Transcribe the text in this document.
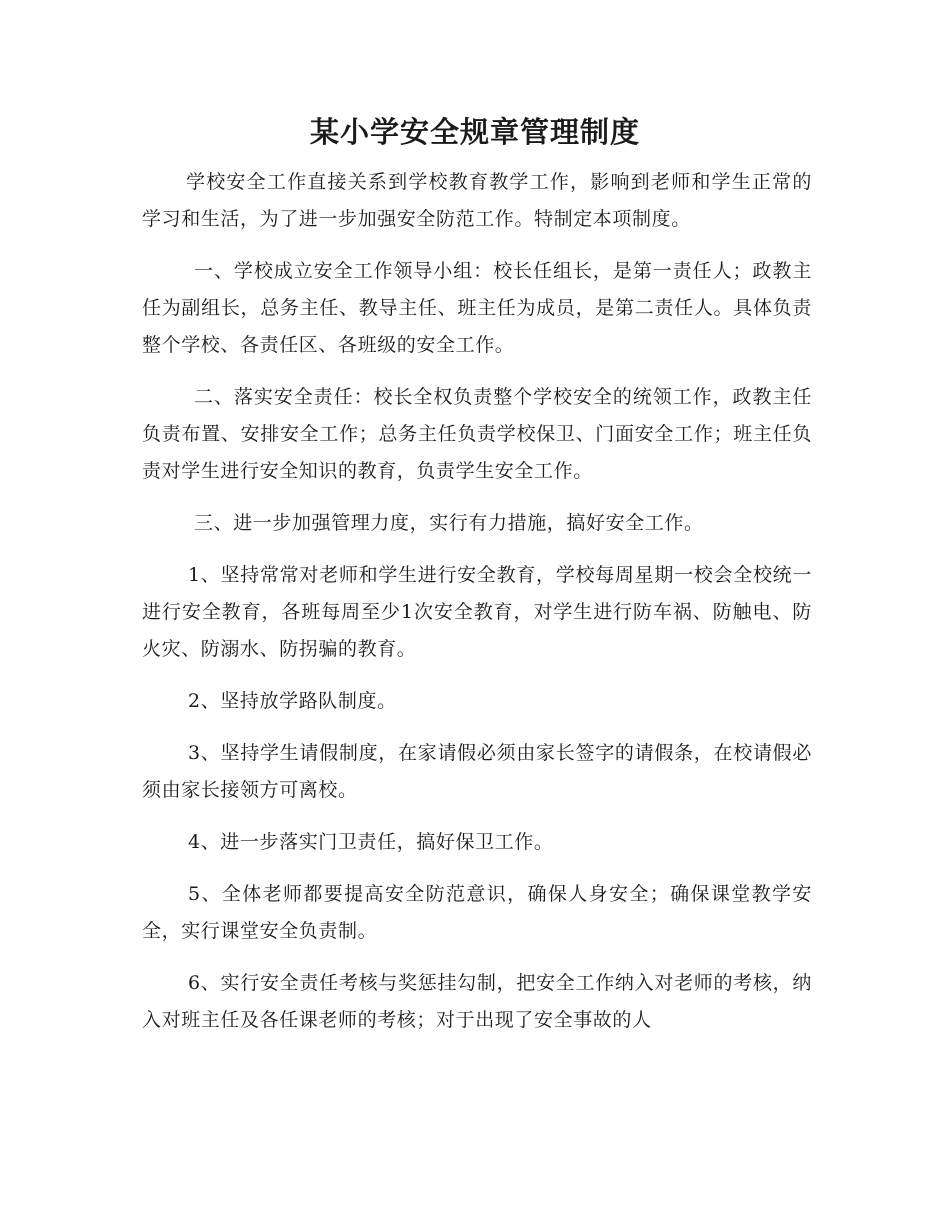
某小学安全规章管理制度

学校安全工作直接关系到学校教育教学工作，影响到老师和学生正常的学习和生活，为了进一步加强安全防范工作。特制定本项制度。

一、学校成立安全工作领导小组：校长任组长，是第一责任人；政教主任为副组长，总务主任、教导主任、班主任为成员，是第二责任人。具体负责整个学校、各责任区、各班级的安全工作。

二、落实安全责任：校长全权负责整个学校安全的统领工作，政教主任负责布置、安排安全工作；总务主任负责学校保卫、门面安全工作；班主任负责对学生进行安全知识的教育，负责学生安全工作。

三、进一步加强管理力度，实行有力措施，搞好安全工作。

1、坚持常常对老师和学生进行安全教育，学校每周星期一校会全校统一进行安全教育，各班每周至少1次安全教育，对学生进行防车祸、防触电、防火灾、防溺水、防拐骗的教育。

2、坚持放学路队制度。

3、坚持学生请假制度，在家请假必须由家长签字的请假条，在校请假必须由家长接领方可离校。

4、进一步落实门卫责任，搞好保卫工作。

5、全体老师都要提高安全防范意识，确保人身安全；确保课堂教学安全，实行课堂安全负责制。

6、实行安全责任考核与奖惩挂勾制，把安全工作纳入对老师的考核，纳入对班主任及各任课老师的考核；对于出现了安全事故的人
